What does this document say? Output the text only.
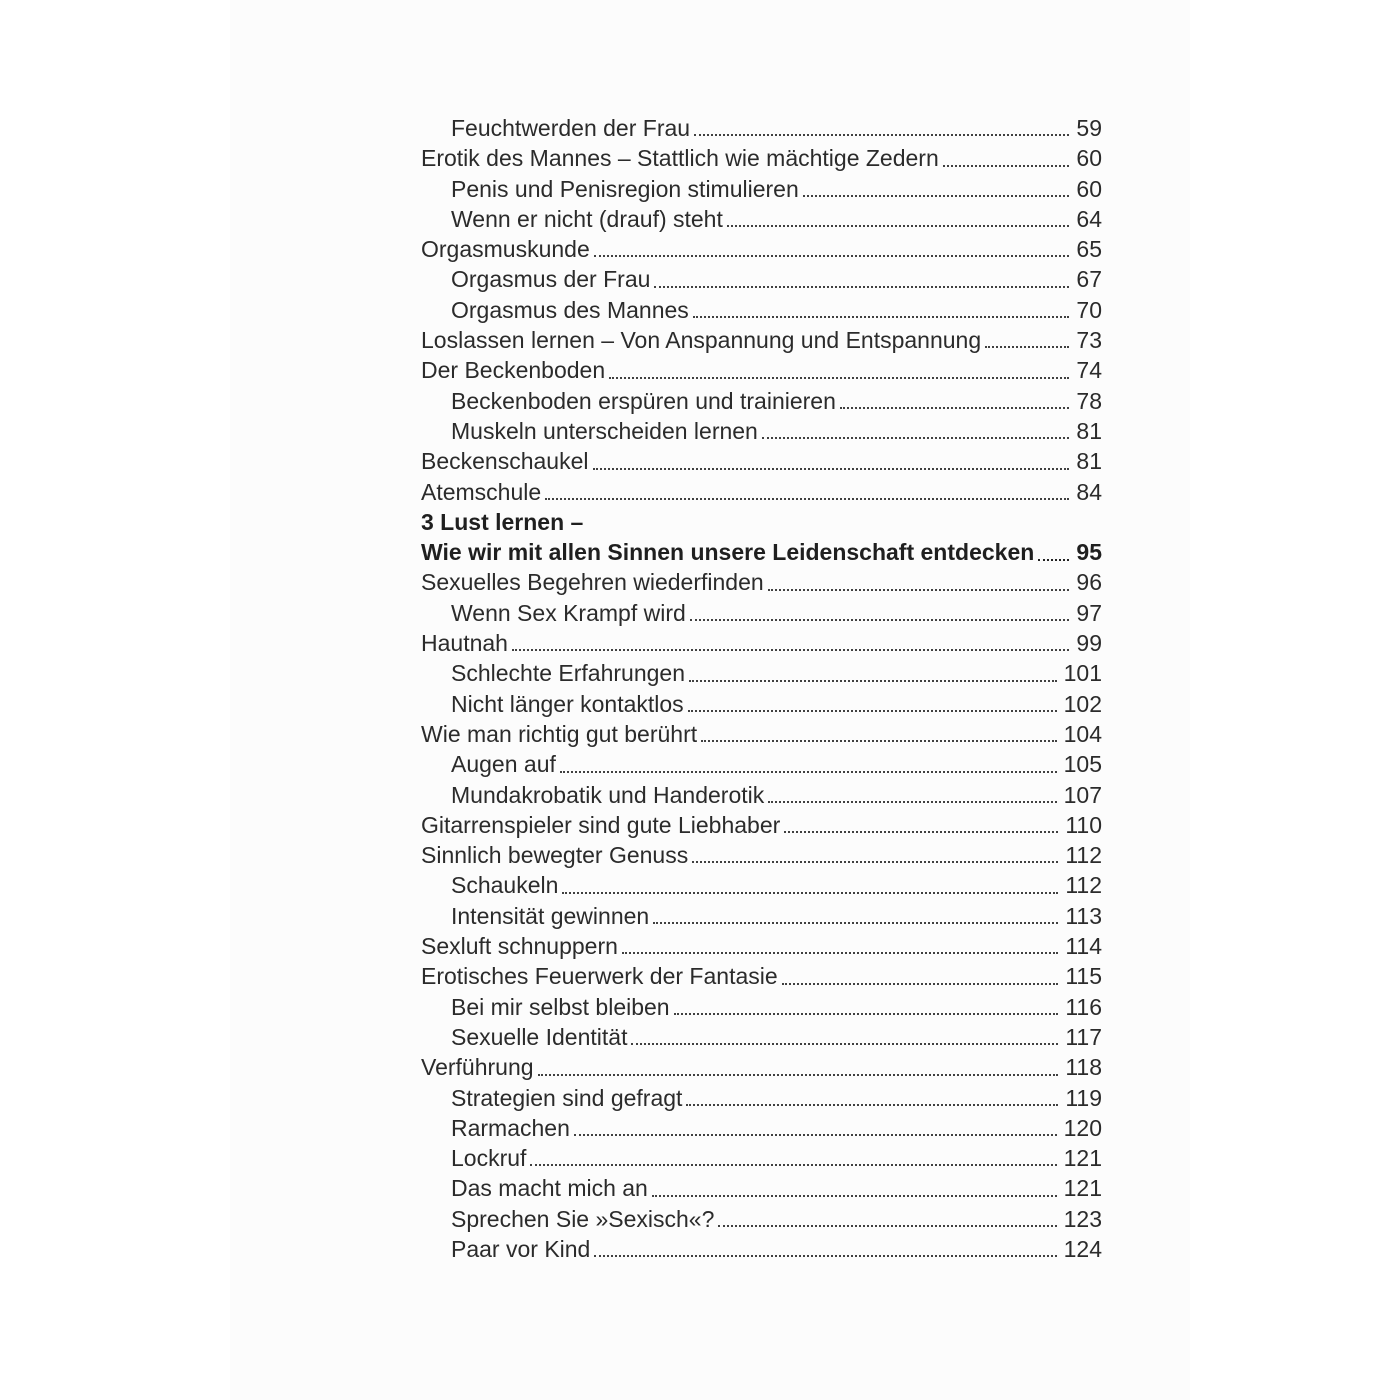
Feuchtwerden der Frau	59
Erotik des Mannes – Stattlich wie mächtige Zedern	60
Penis und Penisregion stimulieren	60
Wenn er nicht (drauf) steht	64
Orgasmuskunde	65
Orgasmus der Frau	67
Orgasmus des Mannes	70
Loslassen lernen – Von Anspannung und Entspannung	73
Der Beckenboden	74
Beckenboden erspüren und trainieren	78
Muskeln unterscheiden lernen	81
Beckenschaukel	81
Atemschule	84
3 Lust lernen –
Wie wir mit allen Sinnen unsere Leidenschaft entdecken 95
Sexuelles Begehren wiederfinden	96
Wenn Sex Krampf wird	97
Hautnah	99
Schlechte Erfahrungen	101
Nicht länger kontaktlos	102
Wie man richtig gut berührt	104
Augen auf	105
Mundakrobatik und Handerotik	107
Gitarrenspieler sind gute Liebhaber	110
Sinnlich bewegter Genuss	112
Schaukeln	112
Intensität gewinnen	113
Sexluft schnuppern	114
Erotisches Feuerwerk der Fantasie	115
Bei mir selbst bleiben	116
Sexuelle Identität	117
Verführung	118
Strategien sind gefragt	119
Rarmachen	120
Lockruf	121
Das macht mich an	121
Sprechen Sie »Sexisch«?	123
Paar vor Kind	124
